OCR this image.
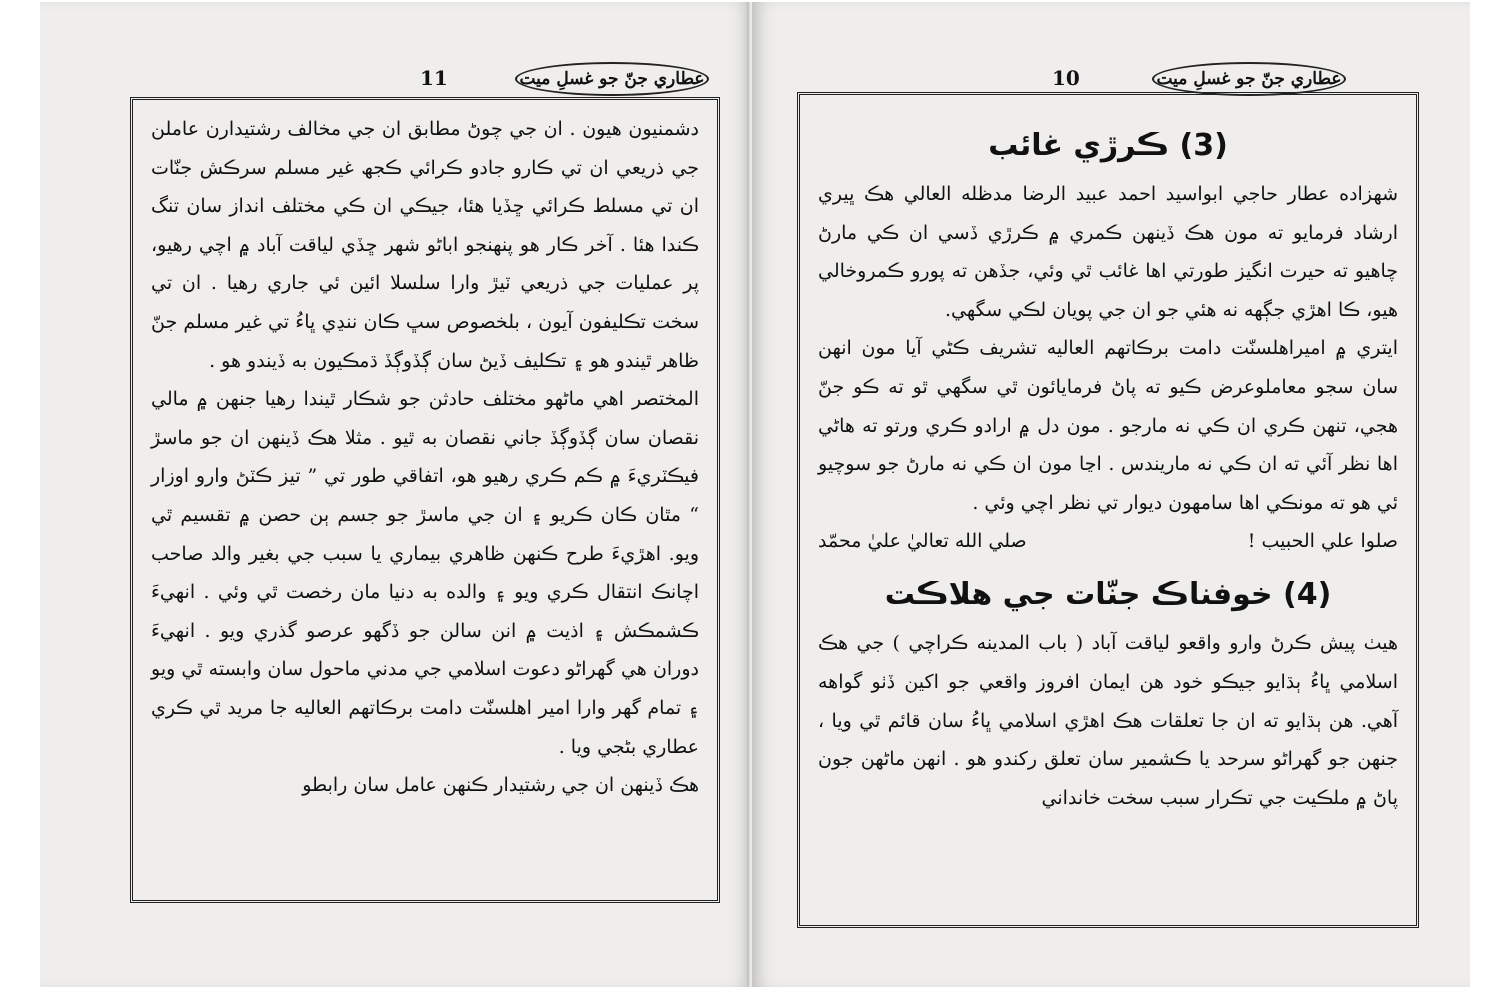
11	عطاري جنّ جو غسلِ ميت

دشمنيون هيون . ان جي چوڻ مطابق ان جي مخالف رشتيدارن عاملن جي ذريعي ان تي ڪارو جادو ڪرائي ڪجھ غير مسلم سرڪش جنّات ان تي مسلط ڪرائي ڇڏيا هئا، جيڪي ان ڪي مختلف انداز سان تنگ ڪندا هئا . آخر ڪار هو پنهنجو اباڻو شهر ڇڏي لياقت آباد ۾ اچي رهيو، پر عمليات جي ذريعي ٽيڙ وارا سلسلا ائين ئي جاري رهيا . ان تي سخت تڪليفون آيون ، بلخصوص سڀ ڪان ننڍي ڀاءُ تي غير مسلم جنّ ظاهر ٿيندو هو ۽ تڪليف ڏيڻ سان ڳڏوڳڏ ڌمڪيون به ڏيندو هو .

المختصر اهي ماڻهو مختلف حادثن جو شڪار ٿيندا رهيا جنهن ۾ مالي نقصان سان ڳڏوڳڏ جاني نقصان به ٿيو . مثلا هڪ ڏينهن ان جو ماسڙ فيڪٽريءَ ۾ ڪم ڪري رهيو هو، اتفاقي طور تي ” تيز ڪٽڻ وارو اوزار “ مٿان ڪان ڪريو ۽ ان جي ماسڙ جو جسم ٻن حصن ۾ تقسيم ٿي ويو. اهڙيءَ طرح ڪنهن ظاهري بيماري يا سبب جي بغير والد صاحب اچانڪ انتقال ڪري ويو ۽ والده به دنيا مان رخصت ٿي وئي . انهيءَ ڪشمڪش ۽ اذيت ۾ انن سالن جو ڏگهو عرصو گذري ويو . انهيءَ دوران هي گهراڻو دعوت اسلامي جي مدني ماحول سان وابسته ٿي ويو ۽ تمام گهر وارا امير اهلسنّت دامت برڪاتهم العاليه جا مريد ٿي ڪري عطاري بڻجي ويا .

هڪ ڏينهن ان جي رشتيدار ڪنهن عامل سان رابطو

10	عطاري جنّ جو غسلِ ميت
(3) ڪرڙي غائب

شهزاده عطار حاجي ابواسيد احمد عبيد الرضا مدظله العالي هڪ ڀيري ارشاد فرمايو ته مون هڪ ڏينهن ڪمري ۾ ڪرڙي ڏسي ان ڪي مارڻ چاهيو ته حيرت انگيز طورتي اها غائب ٿي وئي، جڏهن ته پورو ڪمروخالي هيو، ڪا اهڙي جڳهه نه هئي جو ان جي پويان لڪي سگهي.

ايتري ۾ اميراهلسنّت دامت برڪاتهم العاليه تشريف ڪڻي آيا مون انهن سان سجو معاملوعرض ڪيو ته پاڻ فرمايائون ٿي سگهي ٿو ته ڪو جنّ هجي، تنهن ڪري ان ڪي نه مارجو . مون دل ۾ ارادو ڪري ورتو ته هاڻي اها نظر آئي ته ان ڪي نه ماريندس . اڃا مون ان ڪي نه مارڻ جو سوچيو ئي هو ته مونڪي اها سامهون ديوار تي نظر اچي وئي .

صلوا علي الحبيب !
صلي الله تعاليٰ عليٰ محمّد
(4) خوفناڪ جنّات جي هلاڪت

هيٺ پيش ڪرڻ وارو واقعو لياقت آباد ( باب المدينه ڪراچي ) جي هڪ اسلامي ڀاءُ ٻڌايو جيڪو خود هن ايمان افروز واقعي جو اکين ڏٺو گواهه آهي. هن ٻڌايو ته ان جا تعلقات هڪ اهڙي اسلامي ڀاءُ سان قائم ٿي ويا ، جنهن جو گهراڻو سرحد يا ڪشمير سان تعلق رکندو هو . انهن ماڻهن جون پاڻ ۾ ملڪيت جي تڪرار سبب سخت خانداني
